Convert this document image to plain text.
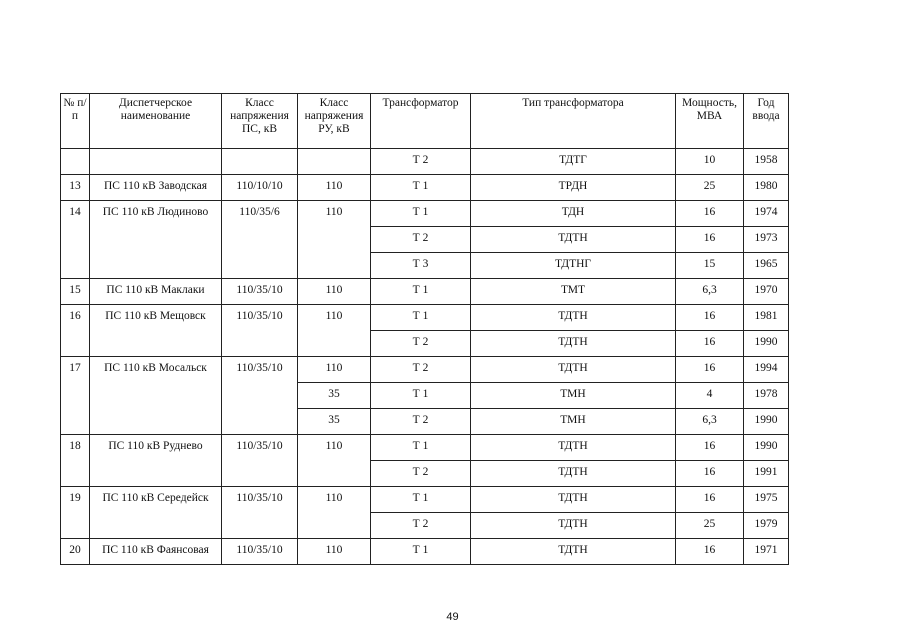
№ п/п	Диспетчерское наименование	Класс напряжения ПС, кВ	Класс напряжения РУ, кВ	Трансформатор	Тип трансформатора	Мощность, МВА	Год ввода
				Т 2	ТДТГ	10	1958
13	ПС 110 кВ Заводская	110/10/10	110	Т 1	ТРДН	25	1980
14	ПС 110 кВ Людиново	110/35/6	110	Т 1	ТДН	16	1974
				Т 2	ТДТН	16	1973
				Т 3	ТДТНГ	15	1965
15	ПС 110 кВ Маклаки	110/35/10	110	Т 1	ТМТ	6,3	1970
16	ПС 110 кВ Мещовск	110/35/10	110	Т 1	ТДТН	16	1981
				Т 2	ТДТН	16	1990
17	ПС 110 кВ Мосальск	110/35/10	110	Т 2	ТДТН	16	1994
			35	Т 1	ТМН	4	1978
			35	Т 2	ТМН	6,3	1990
18	ПС 110 кВ Руднево	110/35/10	110	Т 1	ТДТН	16	1990
				Т 2	ТДТН	16	1991
19	ПС 110 кВ Середейск	110/35/10	110	Т 1	ТДТН	16	1975
				Т 2	ТДТН	25	1979
20	ПС 110 кВ Фаянсовая	110/35/10	110	Т 1	ТДТН	16	1971
49
